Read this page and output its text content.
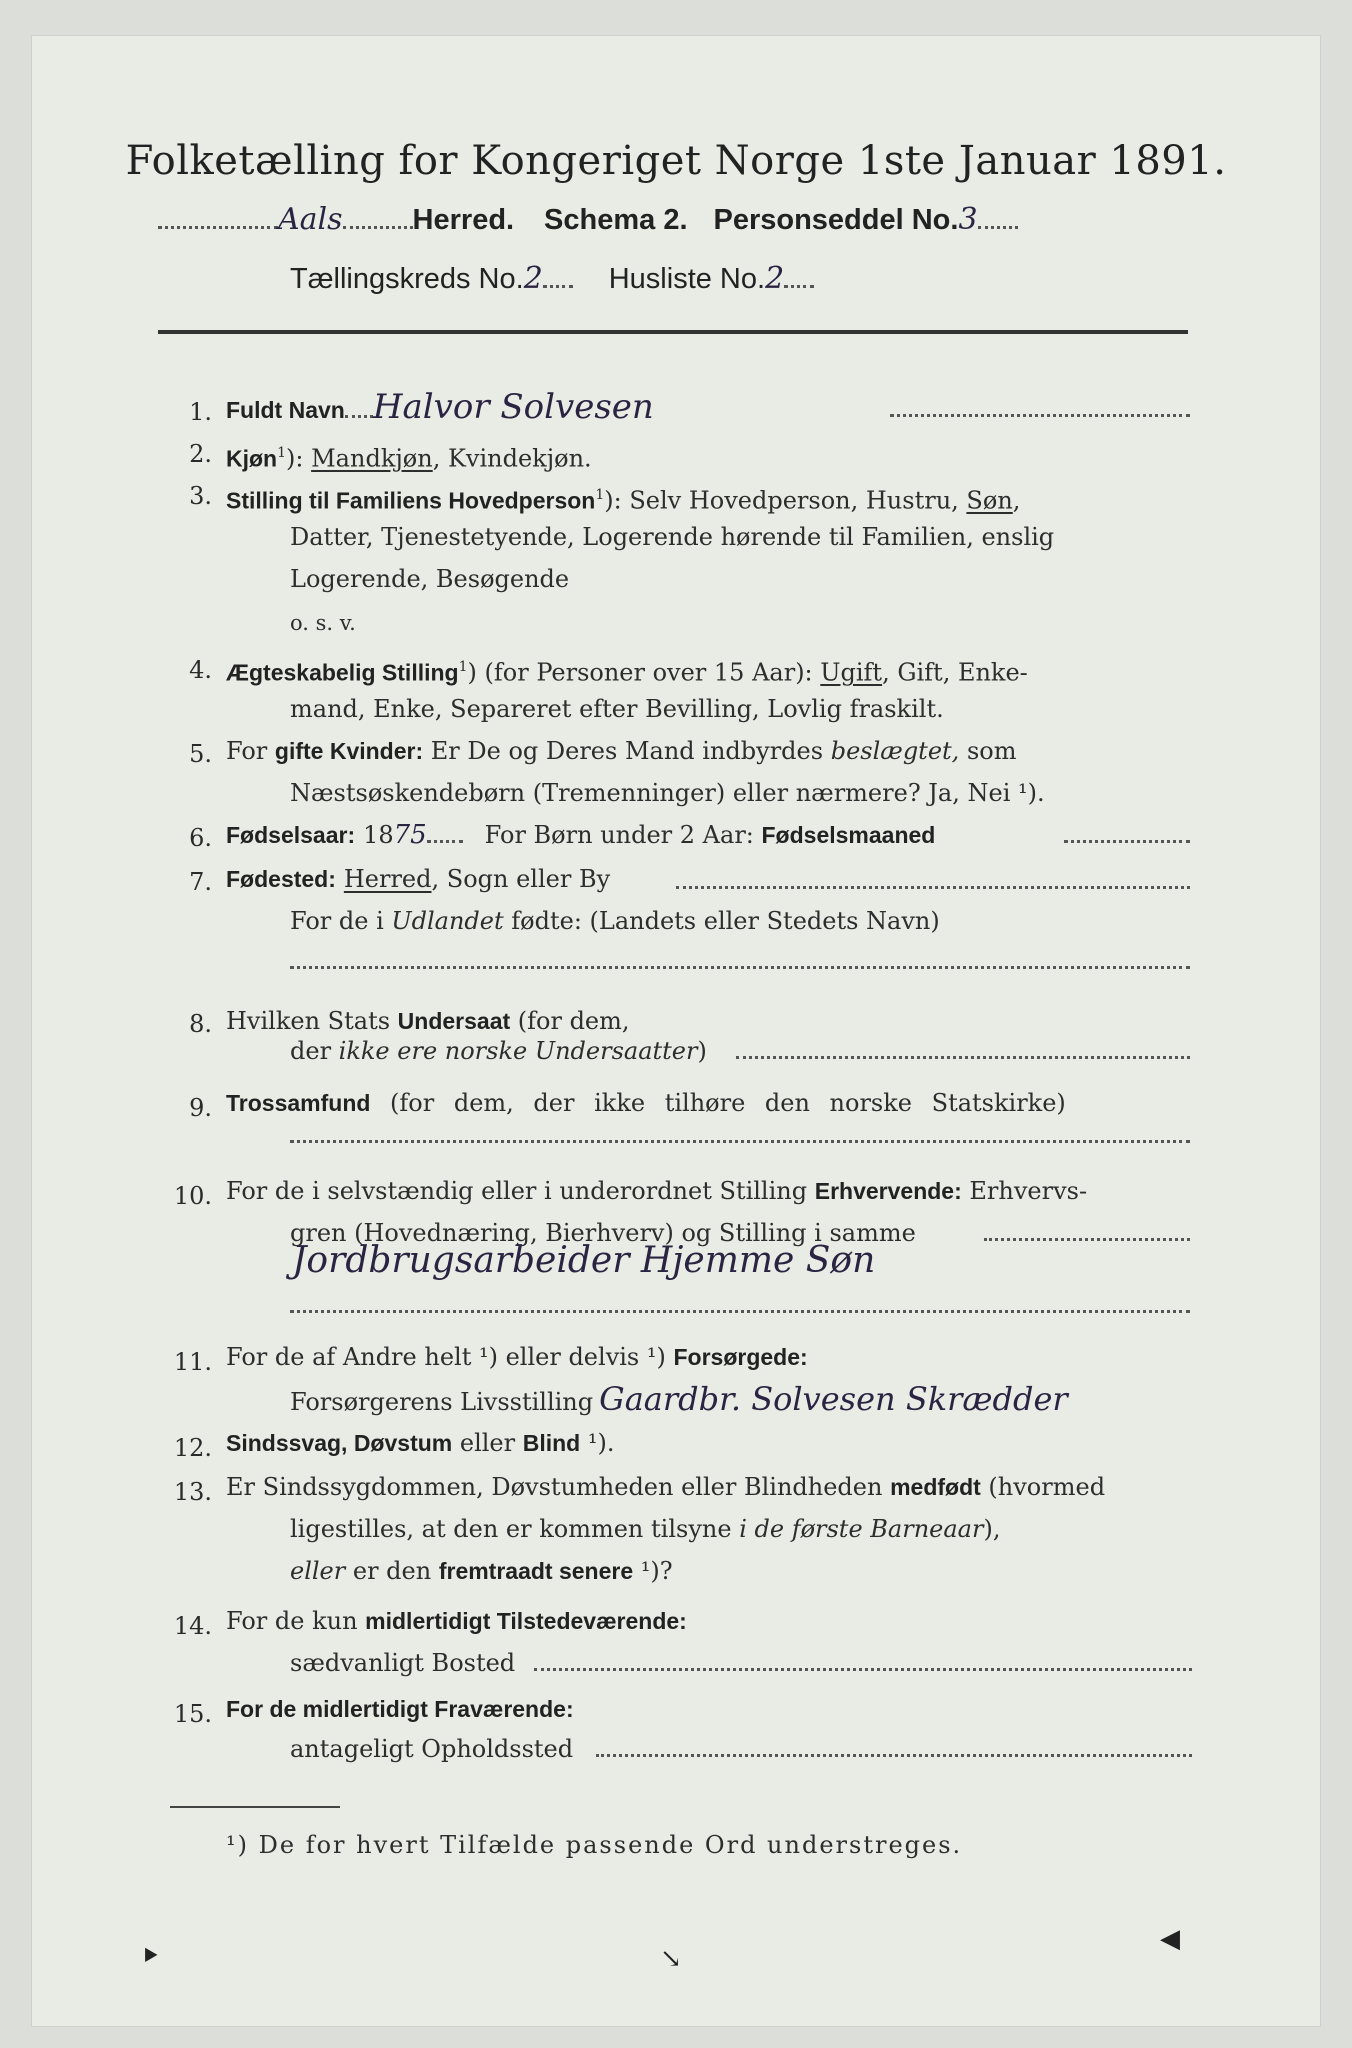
Folketælling for Kongeriget Norge 1ste Januar 1891.
Aals Herred. Schema 2. Personseddel No.3
Tællingskreds No.2 Husliste No.2
1. Fuldt Navn Halvor Solvesen
2. Kjøn$^1$): Mandkjøn, Kvindekjøn.
3. Stilling til Familiens Hovedperson$^1$): Selv Hovedperson, Hustru, Søn,
Datter, Tjenestetyende, Logerende hørende til Familien, enslig
Logerende, Besøgende
o. s. v.
4. Ægteskabelig Stilling$^1$) (for Personer over 15 Aar): Ugift, Gift, Enke-
mand, Enke, Separeret efter Bevilling, Lovlig fraskilt.
5. For gifte Kvinder: Er De og Deres Mand indbyrdes beslægtet, som
Næstsøskendebørn (Tremenninger) eller nærmere? Ja, Nei ¹).
6. Fødselsaar: 1875 For Børn under 2 Aar: Fødselsmaaned
7. Fødested: Herred, Sogn eller By
For de i Udlandet fødte: (Landets eller Stedets Navn)
8. Hvilken Stats Undersaat (for dem,
der ikke ere norske Undersaatter)
9. Trossamfund (for dem, der ikke tilhøre den norske Statskirke)
10. For de i selvstændig eller i underordnet Stilling Erhvervende: Erhvervs-
gren (Hovednæring, Bierhverv) og Stilling i samme
Jordbrugsarbeider Hjemme Søn
11. For de af Andre helt ¹) eller delvis ¹) Forsørgede:
Forsørgerens Livsstilling Gaardbr. Solvesen Skrædder
12. Sindssvag, Døvstum eller Blind ¹).
13. Er Sindssygdommen, Døvstumheden eller Blindheden medfødt (hvormed
ligestilles, at den er kommen tilsyne i de første Barneaar),
eller er den fremtraadt senere ¹)?
14. For de kun midlertidigt Tilstedeværende:
sædvanligt Bosted
15. For de midlertidigt Fraværende:
antageligt Opholdssted
¹) De for hvert Tilfælde passende Ord understreges.
⯈	↘
◀
